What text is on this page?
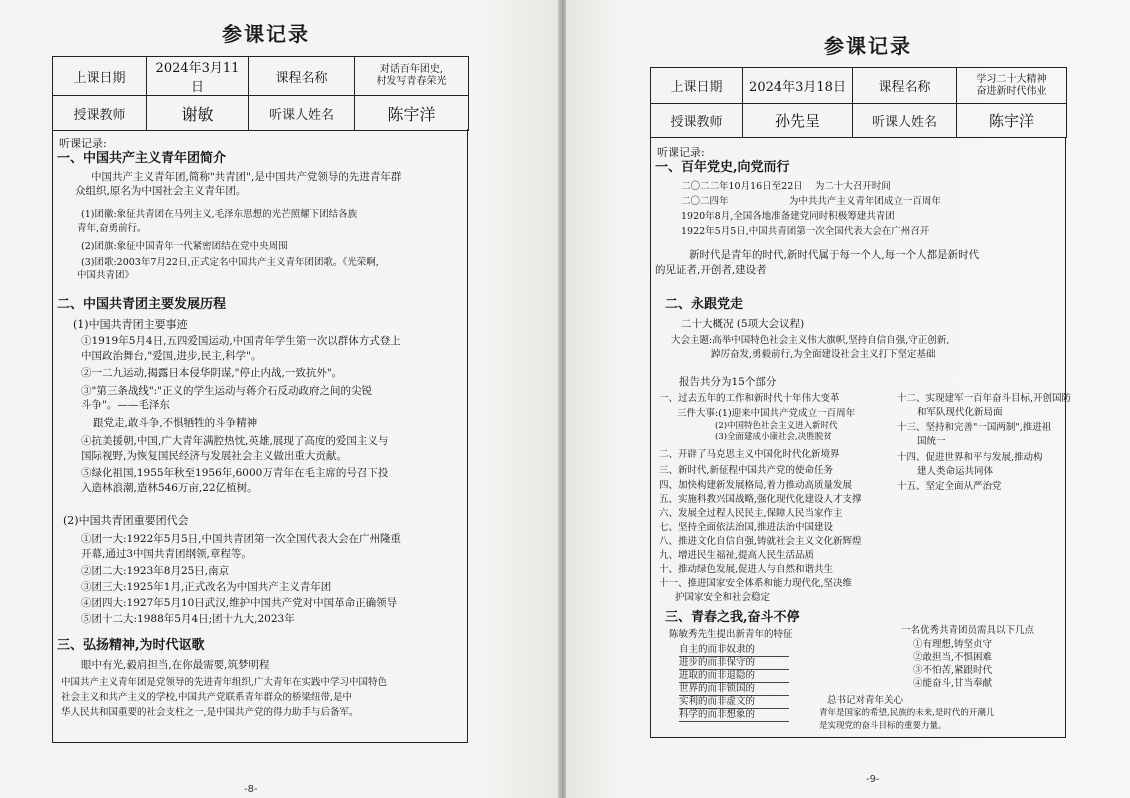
参课记录
上课日期	2024年3月11日	课程名称	对话百年团史,
村发写青春荣光

授课教师	谢敏	听课人姓名	陈宇洋
听课记录:
一、中国共产主义青年团简介
中国共产主义青年团,简称"共青团",是中国共产党领导的先进青年群
众组织,原名为中国社会主义青年团。
(1)团徽:象征共青团在马列主义,毛泽东思想的光芒照耀下团结各族
青年,奋勇前行。
(2)团旗:象征中国青年一代紧密团结在党中央周围
(3)团歌:2003年7月22日,正式定名中国共产主义青年团团歌。《光荣啊,
中国共青团》
二、中国共青团主要发展历程
(1)中国共青团主要事迹
①1919年5月4日,五四爱国运动,中国青年学生第一次以群体方式登上
中国政治舞台,"爱国,进步,民主,科学"。
②一二九运动,揭露日本侵华阴谋,"停止内战,一致抗外"。
③"第三条战线":"正义的学生运动与蒋介石反动政府之间的尖锐
斗争"。——毛泽东
跟党走,敢斗争,不惧牺牲的斗争精神
④抗美援朝,中国,广大青年满腔热忱,英雄,展现了高度的爱国主义与
国际视野,为恢复国民经济与发展社会主义做出重大贡献。
⑤绿化祖国,1955年秋至1956年,6000万青年在毛主席的号召下投
入造林浪潮,造林546万亩,22亿植树。
(2)中国共青团重要团代会
①团一大:1922年5月5日,中国共青团第一次全国代表大会在广州隆重
开幕,通过3中国共青团纲领,章程等。
②团二大:1923年8月25日,南京
③团三大:1925年1月,正式改名为中国共产主义青年团
④团四大:1927年5月10日武汉,维护中国共产党对中国革命正确领导
⑤团十二大:1988年5月4日;团十九大,2023年
三、弘扬精神,为时代讴歌
眼中有光,毅肩担当,在你最需要,筑梦明程
中国共产主义青年团是党领导的先进青年组织,广大青年在实践中学习中国特色
社会主义和共产主义的学校,中国共产党联系青年群众的桥梁纽带,是中
华人民共和国重要的社会支柱之一,是中国共产党的得力助手与后备军。
-8-
参课记录
上课日期	2024年3月18日	课程名称	学习二十大精神
奋进新时代伟业

授课教师	孙先呈	听课人姓名	陈宇洋
听课记录:
一、百年党史,向党而行
二〇二二年10月16日至22日    为二十大召开时间
二〇二四年                    为中共共产主义青年团成立一百周年
1920年8月,全国各地准备建党同时积极筹建共青团
1922年5月5日,中国共青团第一次全国代表大会在广州召开
新时代是青年的时代,新时代属于每一个人,每一个人都是新时代
的见证者,开创者,建设者
二、永跟党走
二十大概况 (5项大会议程)
大会主题:高举中国特色社会主义伟大旗帜,坚持自信自强,守正创新,
踔厉奋发,勇毅前行,为全面建设社会主义打下坚定基础
报告共分为15个部分
一、过去五年的工作和新时代十年伟大变革
三件大事:(1)迎来中国共产党成立一百周年
(2)中国特色社会主义进入新时代
(3)全面建成小康社会,决胜脱贫
二、开辟了马克思主义中国化时代化新境界
三、新时代,新征程中国共产党的使命任务
四、加快构建新发展格局,着力推动高质量发展
五、实施科教兴国战略,强化现代化建设人才支撑
六、发展全过程人民民主,保障人民当家作主
七、坚持全面依法治国,推进法治中国建设
八、推进文化自信自强,铸就社会主义文化新辉煌
九、增进民生福祉,提高人民生活品质
十、推动绿色发展,促进人与自然和谐共生
十一、推进国家安全体系和能力现代化,坚决维
护国家安全和社会稳定
十二、实现建军一百年奋斗目标,开创国防
和军队现代化新局面
十三、坚持和完善"一国两制",推进祖
国统一
十四、促进世界和平与发展,推动构
建人类命运共同体
十五、坚定全面从严治党
三、青春之我,奋斗不停
陈敏秀先生提出新青年的特征
自主的而非奴隶的
进步的而非保守的
进取的而非退隐的
世界的而非锁国的
实利的而非虚文的
科学的而非想象的
一名优秀共青团员需具以下几点
①有理想,铸坚贞守
②敢担当,不惧困难
③不怕苦,紧跟时代
④能奋斗,甘当奉献
总书记对青年关心
青年是国家的希望,民族的未来,是时代的开潮儿
是实现党的奋斗目标的重要力量。
-9-
